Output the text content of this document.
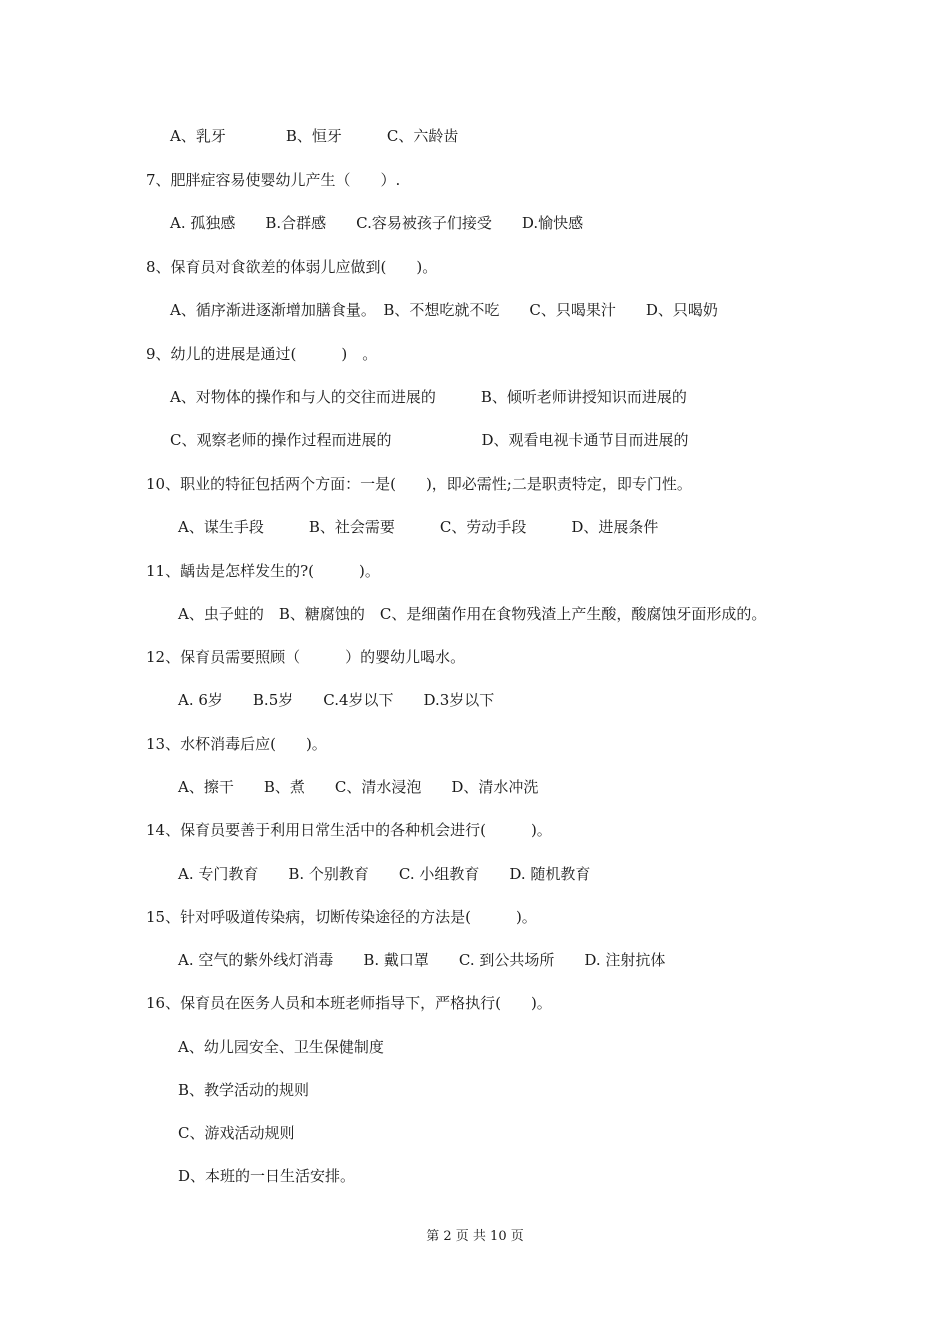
A、乳牙　　　　B、恒牙　　　C、六龄齿
7、肥胖症容易使婴幼儿产生（　　）.
A. 孤独感　　B.合群感　　C.容易被孩子们接受　　D.愉快感
8、保育员对食欲差的体弱儿应做到(　　)。
A、循序渐进逐渐增加膳食量。　B、不想吃就不吃　　C、只喝果汁　　D、只喝奶
9、幼儿的进展是通过(　　　)　。
A、对物体的操作和与人的交往而进展的　　　B、倾听老师讲授知识而进展的
C、观察老师的操作过程而进展的　　　　　　D、观看电视卡通节目而进展的
10、职业的特征包括两个方面：一是(　　)，即必需性;二是职责特定，即专门性。
A、谋生手段　　　B、社会需要　　　C、劳动手段　　　D、进展条件
11、龋齿是怎样发生的?(　　　)。
A、虫子蛀的　B、糖腐蚀的　C、是细菌作用在食物残渣上产生酸，酸腐蚀牙面形成的。
12、保育员需要照顾（　　　）的婴幼儿喝水。
A. 6岁　　B.5岁　　C.4岁以下　　D.3岁以下
13、水杯消毒后应(　　)。
A、擦干　　B、煮　　C、清水浸泡　　D、清水冲洗
14、保育员要善于利用日常生活中的各种机会进行(　　　)。
A. 专门教育　　B. 个别教育　　C. 小组教育　　D. 随机教育
15、针对呼吸道传染病，切断传染途径的方法是(　　　)。
A. 空气的紫外线灯消毒　　B. 戴口罩　　C. 到公共场所　　D. 注射抗体
16、保育员在医务人员和本班老师指导下，严格执行(　　)。
A、幼儿园安全、卫生保健制度
B、教学活动的规则
C、游戏活动规则
D、本班的一日生活安排。
第 2 页 共 10 页
